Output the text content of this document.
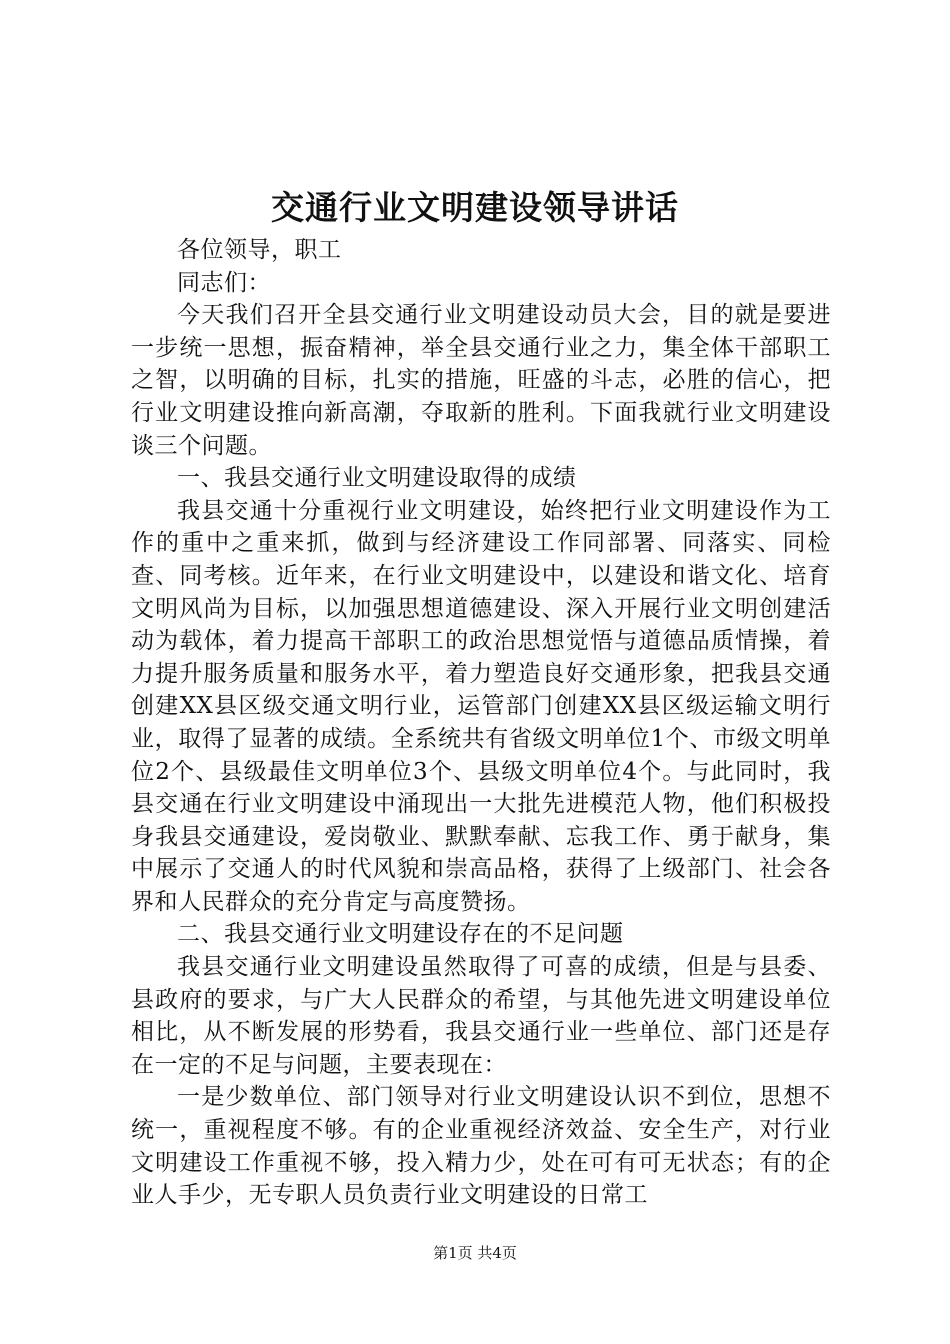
交通行业文明建设领导讲话

各位领导，职工

同志们：

今天我们召开全县交通行业文明建设动员大会，目的就是要进一步统一思想，振奋精神，举全县交通行业之力，集全体干部职工之智，以明确的目标，扎实的措施，旺盛的斗志，必胜的信心，把行业文明建设推向新高潮，夺取新的胜利。下面我就行业文明建设谈三个问题。

一、我县交通行业文明建设取得的成绩

我县交通十分重视行业文明建设，始终把行业文明建设作为工作的重中之重来抓，做到与经济建设工作同部署、同落实、同检查、同考核。近年来，在行业文明建设中，以建设和谐文化、培育文明风尚为目标，以加强思想道德建设、深入开展行业文明创建活动为载体，着力提高干部职工的政治思想觉悟与道德品质情操，着力提升服务质量和服务水平，着力塑造良好交通形象，把我县交通创建XX县区级交通文明行业，运管部门创建XX县区级运输文明行业，取得了显著的成绩。全系统共有省级文明单位1个、市级文明单位2个、县级最佳文明单位3个、县级文明单位4个。与此同时，我县交通在行业文明建设中涌现出一大批先进模范人物，他们积极投身我县交通建设，爱岗敬业、默默奉献、忘我工作、勇于献身，集中展示了交通人的时代风貌和崇高品格，获得了上级部门、社会各界和人民群众的充分肯定与高度赞扬。

二、我县交通行业文明建设存在的不足问题

我县交通行业文明建设虽然取得了可喜的成绩，但是与县委、县政府的要求，与广大人民群众的希望，与其他先进文明建设单位相比，从不断发展的形势看，我县交通行业一些单位、部门还是存在一定的不足与问题，主要表现在：

一是少数单位、部门领导对行业文明建设认识不到位，思想不统一，重视程度不够。有的企业重视经济效益、安全生产，对行业文明建设工作重视不够，投入精力少，处在可有可无状态；有的企业人手少，无专职人员负责行业文明建设的日常工

第1页 共4页
